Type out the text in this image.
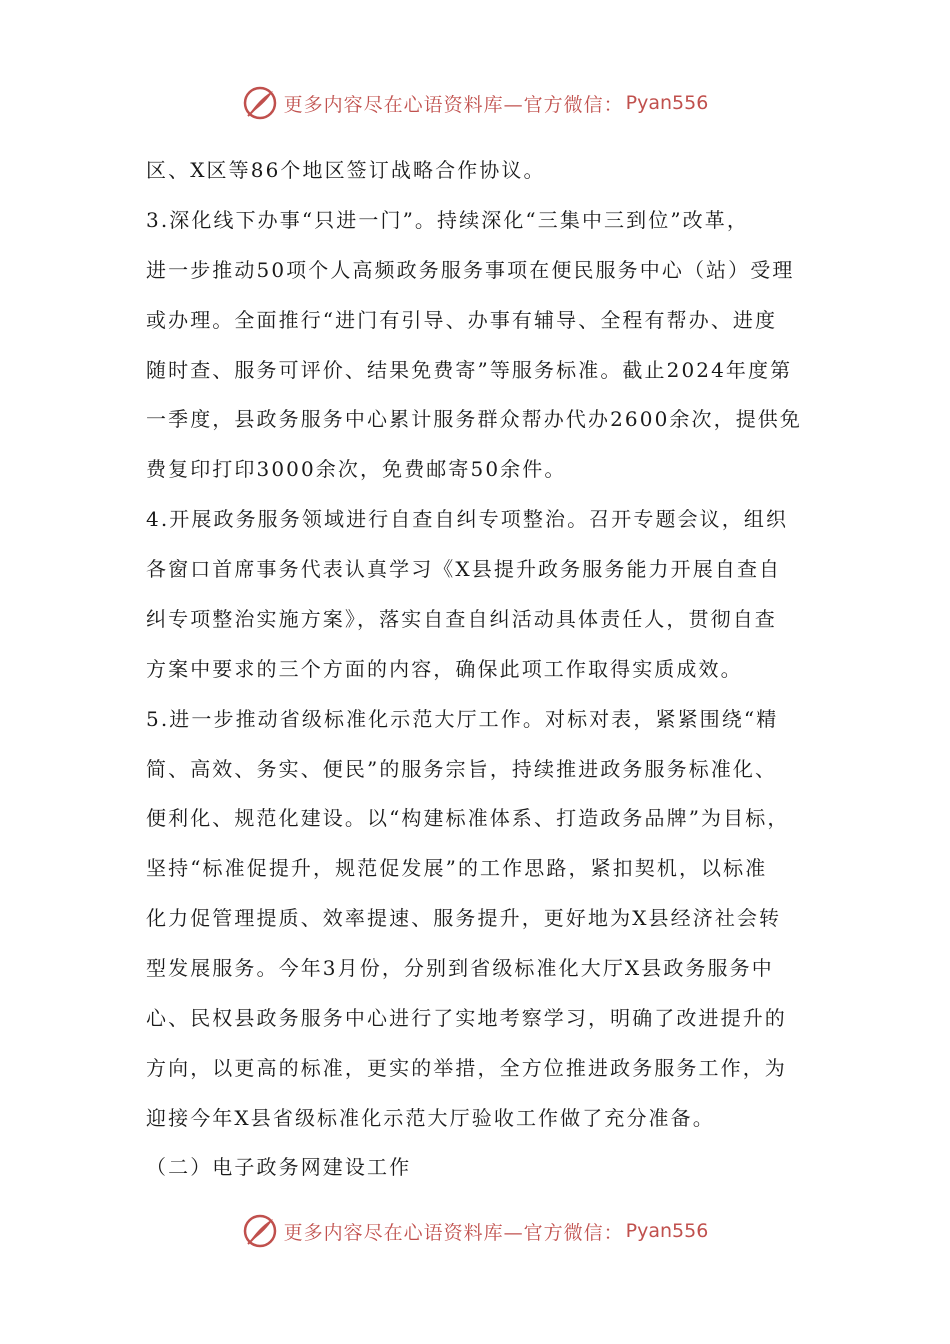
更多内容尽在心语资料库—官方微信： Pyan556
区、X区等86个地区签订战略合作协议。
3.深化线下办事“只进一门”。持续深化“三集中三到位”改革，
进一步推动50项个人高频政务服务事项在便民服务中心（站）受理
或办理。全面推行“进门有引导、办事有辅导、全程有帮办、进度
随时查、服务可评价、结果免费寄”等服务标准。截止2024年度第
一季度，县政务服务中心累计服务群众帮办代办2600余次，提供免
费复印打印3000余次，免费邮寄50余件。
4.开展政务服务领域进行自查自纠专项整治。召开专题会议，组织
各窗口首席事务代表认真学习《X县提升政务服务能力开展自查自
纠专项整治实施方案》，落实自查自纠活动具体责任人，贯彻自查
方案中要求的三个方面的内容，确保此项工作取得实质成效。
5.进一步推动省级标准化示范大厅工作。对标对表，紧紧围绕“精
简、高效、务实、便民”的服务宗旨，持续推进政务服务标准化、
便利化、规范化建设。以“构建标准体系、打造政务品牌”为目标，
坚持“标准促提升，规范促发展”的工作思路，紧扣契机，以标准
化力促管理提质、效率提速、服务提升，更好地为X县经济社会转
型发展服务。今年3月份，分别到省级标准化大厅X县政务服务中
心、民权县政务服务中心进行了实地考察学习，明确了改进提升的
方向，以更高的标准，更实的举措，全方位推进政务服务工作，为
迎接今年X县省级标准化示范大厅验收工作做了充分准备。
（二）电子政务网建设工作
更多内容尽在心语资料库—官方微信： Pyan556
